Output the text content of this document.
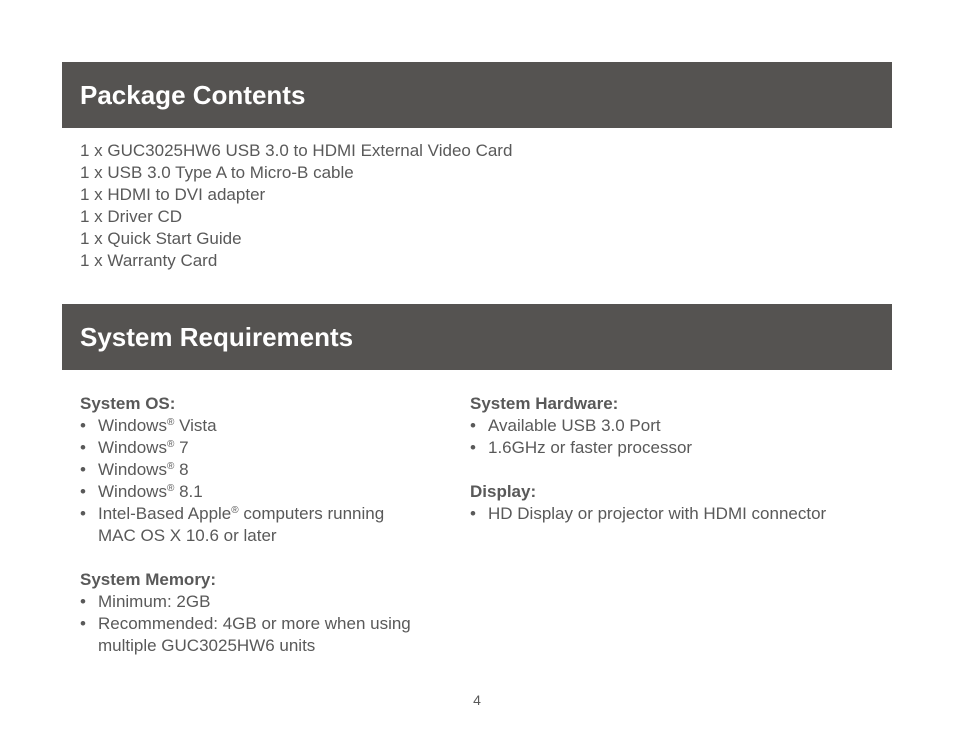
Package Contents
1 x GUC3025HW6 USB 3.0 to HDMI External Video Card
1 x USB 3.0 Type A to Micro-B cable
1 x HDMI to DVI adapter
1 x Driver CD
1 x Quick Start Guide
1 x Warranty Card
System Requirements
System OS:
• Windows® Vista
• Windows® 7
• Windows® 8
• Windows® 8.1
• Intel-Based Apple® computers running
MAC OS X 10.6 or later
System Memory:
• Minimum: 2GB
• Recommended: 4GB or more when using
multiple GUC3025HW6 units
System Hardware:
• Available USB 3.0 Port
• 1.6GHz or faster processor
Display:
• HD Display or projector with HDMI connector
4
